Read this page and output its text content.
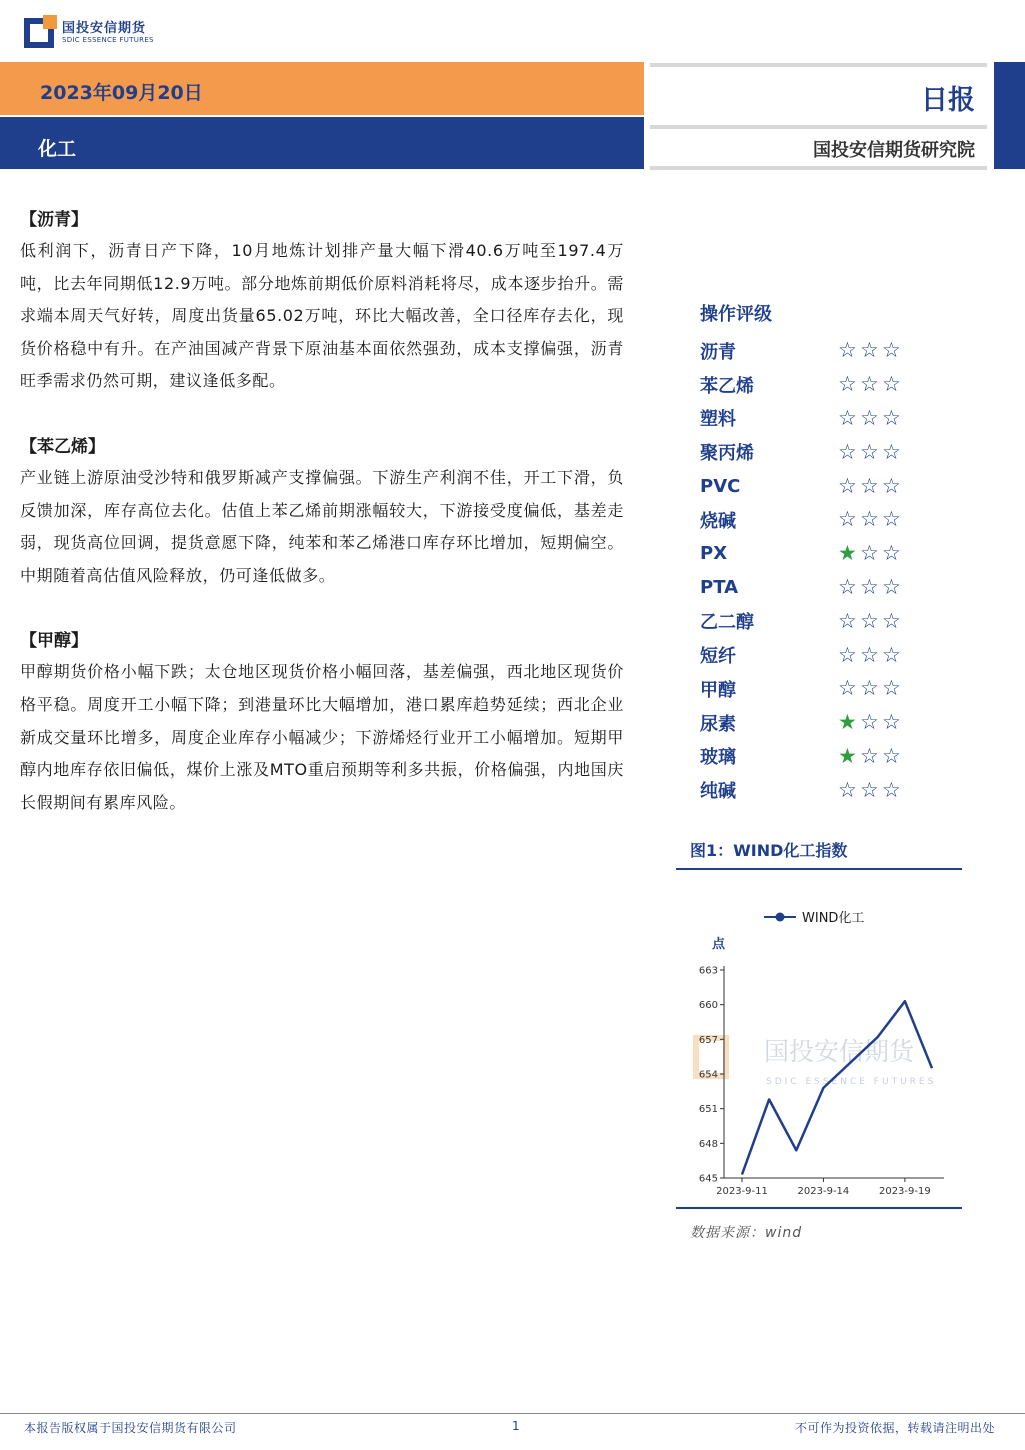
国投安信期货
SDIC ESSENCE FUTURES
2023年09月20日
化工
日报
国投安信期货研究院
【沥青】
低利润下，沥青日产下降，10月地炼计划排产量大幅下滑40.6万吨至197.4万吨，比去年同期低12.9万吨。部分地炼前期低价原料消耗将尽，成本逐步抬升。需求端本周天气好转，周度出货量65.02万吨，环比大幅改善，全口径库存去化，现货价格稳中有升。在产油国减产背景下原油基本面依然强劲，成本支撑偏强，沥青旺季需求仍然可期，建议逢低多配。
【苯乙烯】
产业链上游原油受沙特和俄罗斯减产支撑偏强。下游生产利润不佳，开工下滑，负反馈加深，库存高位去化。估值上苯乙烯前期涨幅较大，下游接受度偏低，基差走弱，现货高位回调，提货意愿下降，纯苯和苯乙烯港口库存环比增加，短期偏空。中期随着高估值风险释放，仍可逢低做多。
【甲醇】
甲醇期货价格小幅下跌；太仓地区现货价格小幅回落，基差偏强，西北地区现货价格平稳。周度开工小幅下降；到港量环比大幅增加，港口累库趋势延续；西北企业新成交量环比增多，周度企业库存小幅减少；下游烯烃行业开工小幅增加。短期甲醇内地库存依旧偏低，煤价上涨及MTO重启预期等利多共振，价格偏强，内地国庆长假期间有累库风险。
操作评级
沥青	☆ ☆ ☆
苯乙烯	☆ ☆ ☆
塑料	☆ ☆ ☆
聚丙烯	☆ ☆ ☆
PVC	☆ ☆ ☆
烧碱	☆ ☆ ☆
PX	★ ☆ ☆
PTA	☆ ☆ ☆
乙二醇	☆ ☆ ☆
短纤	☆ ☆ ☆
甲醇	☆ ☆ ☆
尿素	★ ☆ ☆
玻璃	★ ☆ ☆
纯碱	☆ ☆ ☆
图1：WIND化工指数
国投安信期货
SDIC ESSENCE FUTURES
WIND化工
点
645
648
651
654
657
660
663
2023-9-11	2023-9-14	2023-9-19
数据来源：wind
本报告版权属于国投安信期货有限公司	1	不可作为投资依据，转载请注明出处
